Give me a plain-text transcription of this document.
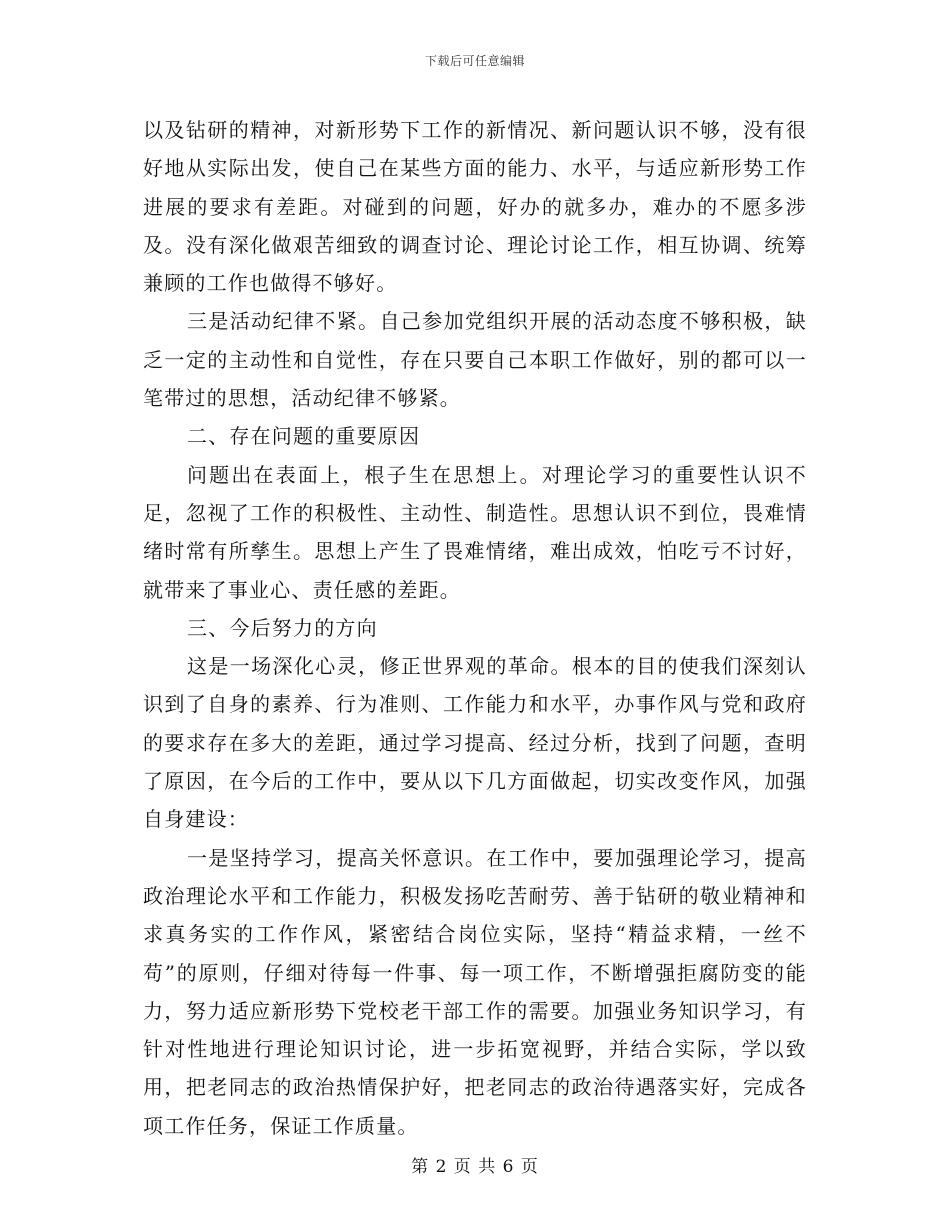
下载后可任意编辑

以及钻研的精神，对新形势下工作的新情况、新问题认识不够，没有很好地从实际出发，使自己在某些方面的能力、水平，与适应新形势工作进展的要求有差距。对碰到的问题，好办的就多办，难办的不愿多涉及。没有深化做艰苦细致的调查讨论、理论讨论工作，相互协调、统筹兼顾的工作也做得不够好。

三是活动纪律不紧。自己参加党组织开展的活动态度不够积极，缺乏一定的主动性和自觉性，存在只要自己本职工作做好，别的都可以一笔带过的思想，活动纪律不够紧。

二、存在问题的重要原因

问题出在表面上，根子生在思想上。对理论学习的重要性认识不足，忽视了工作的积极性、主动性、制造性。思想认识不到位，畏难情绪时常有所孳生。思想上产生了畏难情绪，难出成效，怕吃亏不讨好，就带来了事业心、责任感的差距。

三、今后努力的方向

这是一场深化心灵，修正世界观的革命。根本的目的使我们深刻认识到了自身的素养、行为准则、工作能力和水平，办事作风与党和政府的要求存在多大的差距，通过学习提高、经过分析，找到了问题，查明了原因，在今后的工作中，要从以下几方面做起，切实改变作风，加强自身建设：

一是坚持学习，提高关怀意识。在工作中，要加强理论学习，提高政治理论水平和工作能力，积极发扬吃苦耐劳、善于钻研的敬业精神和求真务实的工作作风，紧密结合岗位实际，坚持“精益求精，一丝不苟”的原则，仔细对待每一件事、每一项工作，不断增强拒腐防变的能力，努力适应新形势下党校老干部工作的需要。加强业务知识学习，有针对性地进行理论知识讨论，进一步拓宽视野，并结合实际，学以致用，把老同志的政治热情保护好，把老同志的政治待遇落实好，完成各项工作任务，保证工作质量。

第 2 页 共 6 页
